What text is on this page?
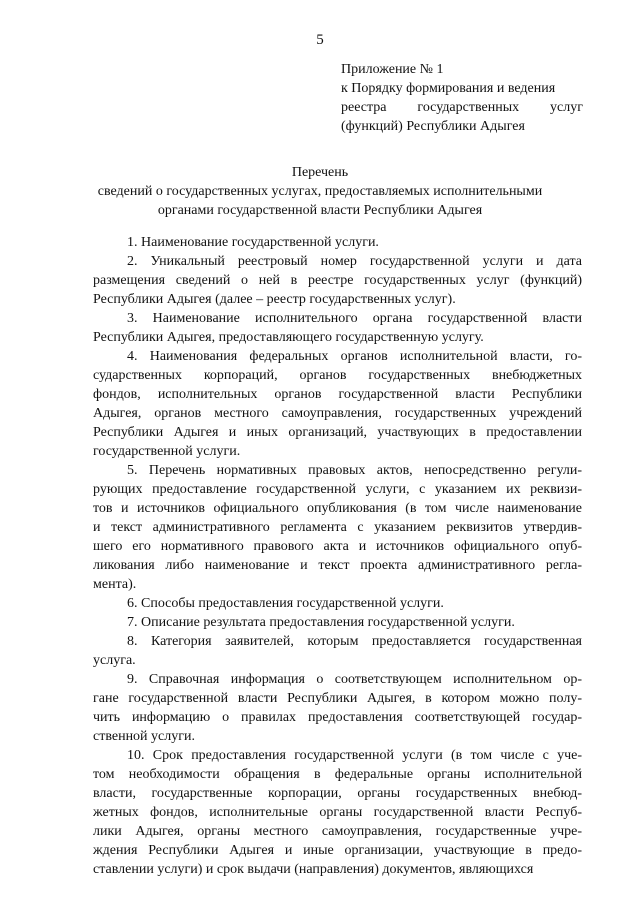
5
Приложение № 1
к Порядку формирования и ведения
реестра государственных услуг
(функций) Республики Адыгея
Перечень
сведений о государственных услугах, предоставляемых исполнительными
органами государственной власти Республики Адыгея
1. Наименование государственной услуги.
2. Уникальный реестровый номер государственной услуги и дата
размещения сведений о ней в реестре государственных услуг (функций)
Республики Адыгея (далее – реестр государственных услуг).
3. Наименование исполнительного органа государственной власти
Республики Адыгея, предоставляющего государственную услугу.
4. Наименования федеральных органов исполнительной власти, го-
сударственных корпораций, органов государственных внебюджетных
фондов, исполнительных органов государственной власти Республики
Адыгея, органов местного самоуправления, государственных учреждений
Республики Адыгея и иных организаций, участвующих в предоставлении
государственной услуги.
5. Перечень нормативных правовых актов, непосредственно регули-
рующих предоставление государственной услуги, с указанием их реквизи-
тов и источников официального опубликования (в том числе наименование
и текст административного регламента с указанием реквизитов утвердив-
шего его нормативного правового акта и источников официального опуб-
ликования либо наименование и текст проекта административного регла-
мента).
6. Способы предоставления государственной услуги.
7. Описание результата предоставления государственной услуги.
8. Категория заявителей, которым предоставляется государственная
услуга.
9. Справочная информация о соответствующем исполнительном ор-
гане государственной власти Республики Адыгея, в котором можно полу-
чить информацию о правилах предоставления соответствующей государ-
ственной услуги.
10. Срок предоставления государственной услуги (в том числе с уче-
том необходимости обращения в федеральные органы исполнительной
власти, государственные корпорации, органы государственных внебюд-
жетных фондов, исполнительные органы государственной власти Респуб-
лики Адыгея, органы местного самоуправления, государственные учре-
ждения Республики Адыгея и иные организации, участвующие в предо-
ставлении услуги) и срок выдачи (направления) документов, являющихся
